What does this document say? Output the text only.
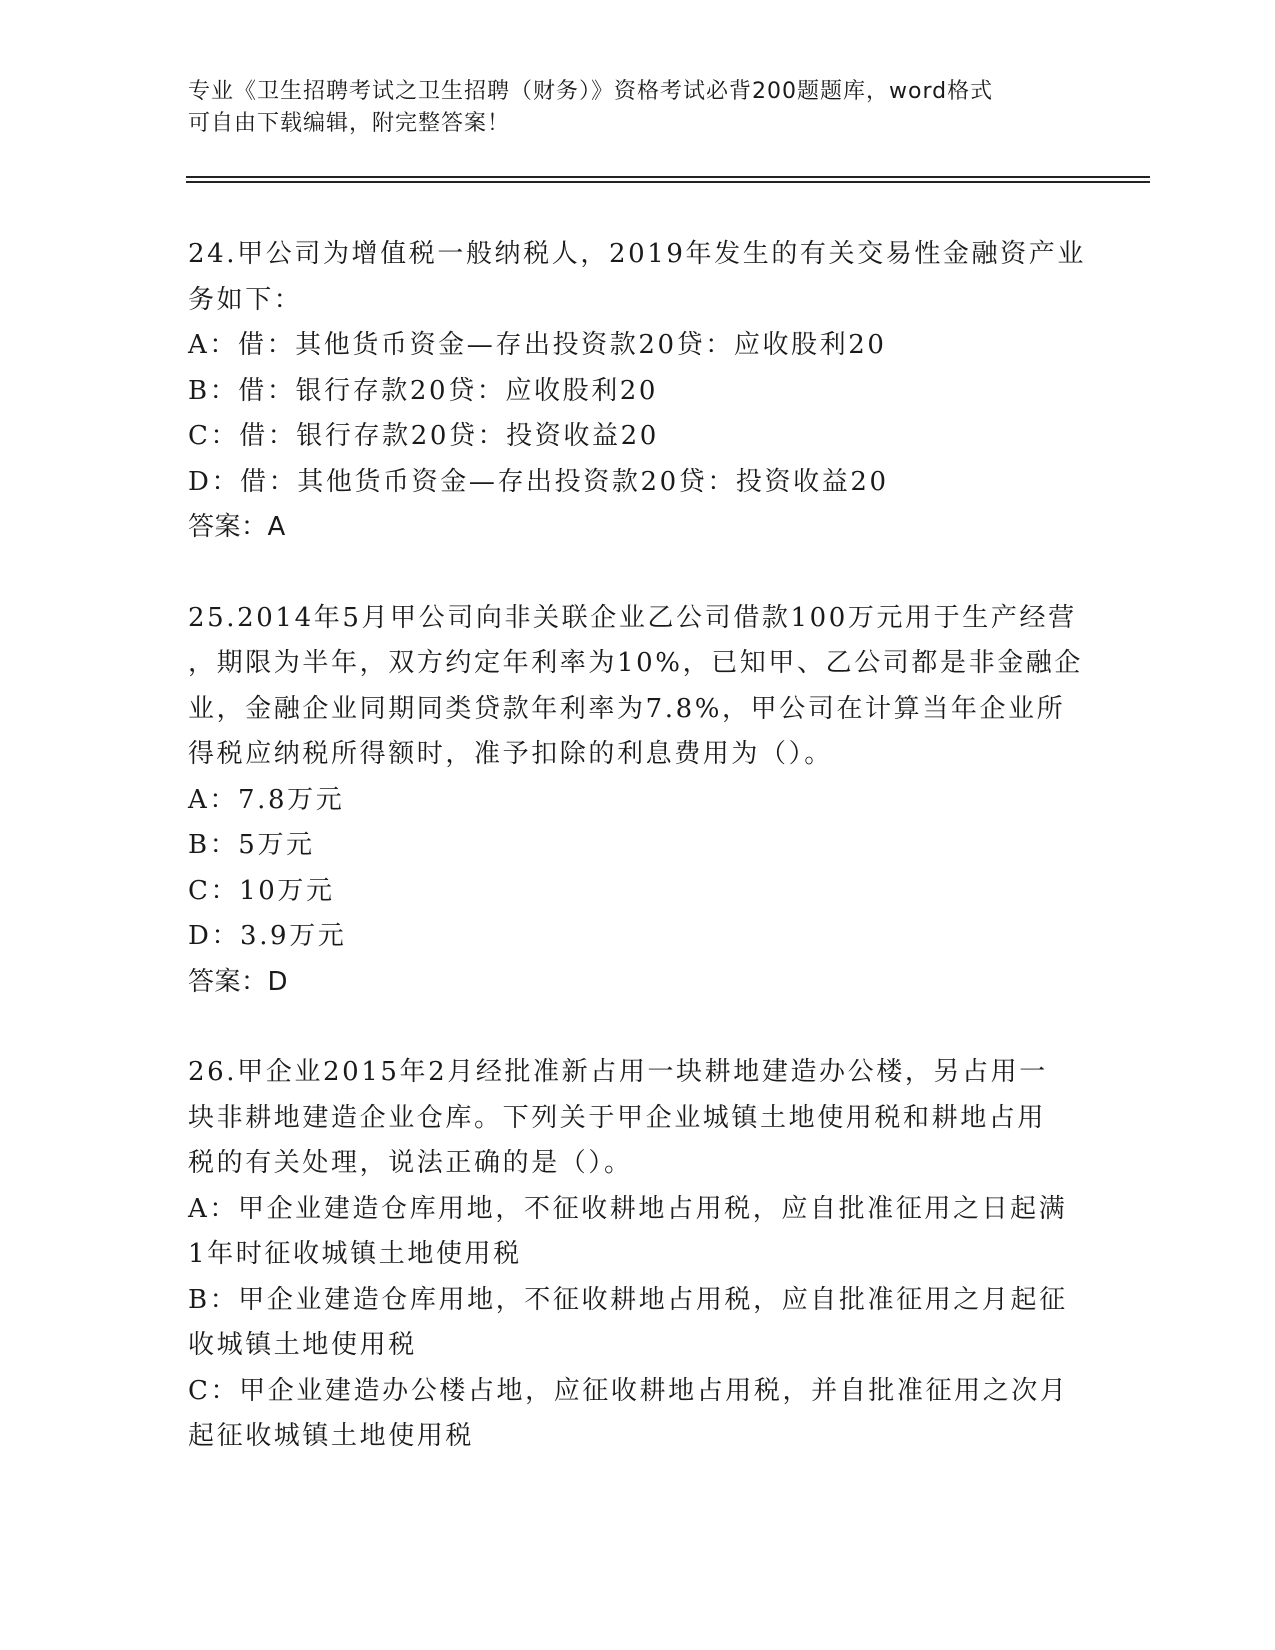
专业《卫生招聘考试之卫生招聘（财务）》资格考试必背200题题库，word格式
可自由下载编辑，附完整答案！
24.甲公司为增值税一般纳税人，2019年发生的有关交易性金融资产业
务如下：
A：借：其他货币资金—存出投资款20贷：应收股利20
B：借：银行存款20贷：应收股利20
C：借：银行存款20贷：投资收益20
D：借：其他货币资金—存出投资款20贷：投资收益20
答案：A
25.2014年5月甲公司向非关联企业乙公司借款100万元用于生产经营
，期限为半年，双方约定年利率为10%，已知甲、乙公司都是非金融企
业，金融企业同期同类贷款年利率为7.8%，甲公司在计算当年企业所
得税应纳税所得额时，准予扣除的利息费用为（）。
A：7.8万元
B：5万元
C：10万元
D：3.9万元
答案：D
26.甲企业2015年2月经批准新占用一块耕地建造办公楼，另占用一
块非耕地建造企业仓库。下列关于甲企业城镇土地使用税和耕地占用
税的有关处理，说法正确的是（）。
A：甲企业建造仓库用地，不征收耕地占用税，应自批准征用之日起满
1年时征收城镇土地使用税
B：甲企业建造仓库用地，不征收耕地占用税，应自批准征用之月起征
收城镇土地使用税
C：甲企业建造办公楼占地，应征收耕地占用税，并自批准征用之次月
起征收城镇土地使用税
